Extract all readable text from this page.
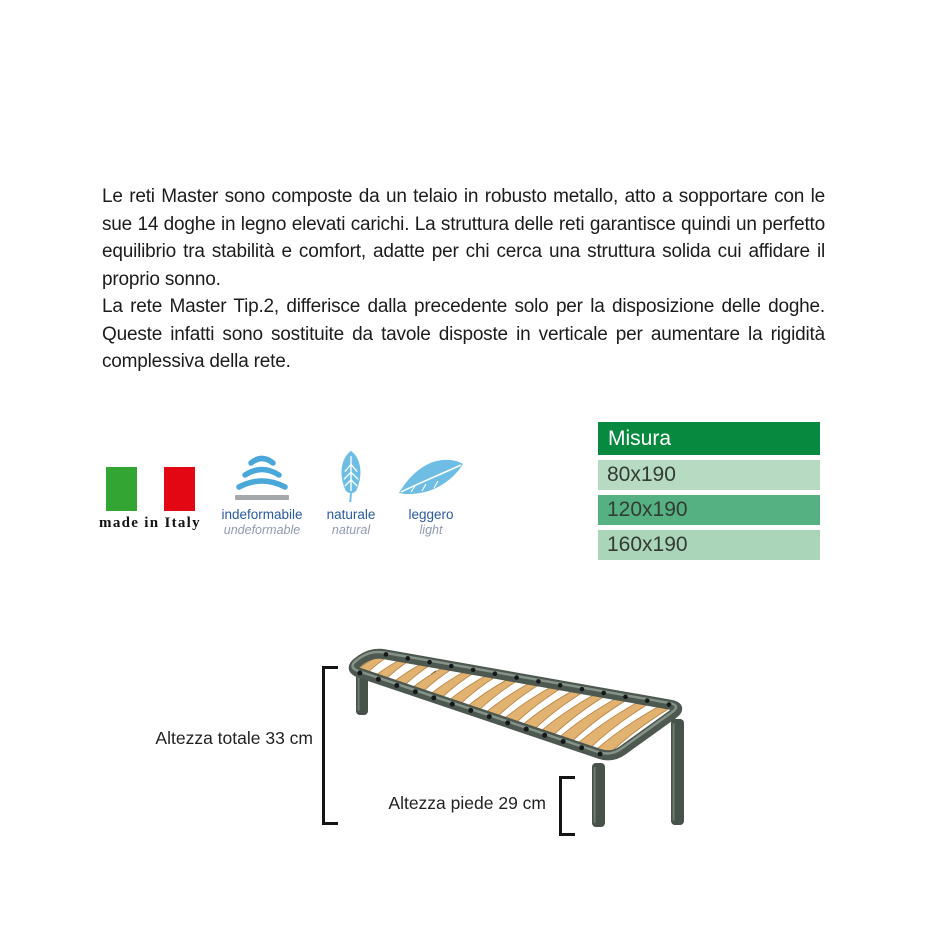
Le reti Master sono composte da un telaio in robusto metallo, atto a sopportare con le sue 14 doghe in legno elevati carichi. La struttura delle reti garantisce quindi un perfetto equilibrio tra stabilità e comfort, adatte per chi cerca una struttura solida cui affidare il proprio sonno.

La rete Master Tip.2, differisce dalla precedente solo per la disposizione delle doghe. Queste infatti sono sostituite da tavole disposte in verticale per aumentare la rigidità complessiva della rete.

made in Italy
indeformabile
undeformable
naturale
natural
leggero
light
Misura
80x190
120x190
160x190
Altezza totale 33 cm
Altezza piede 29 cm
